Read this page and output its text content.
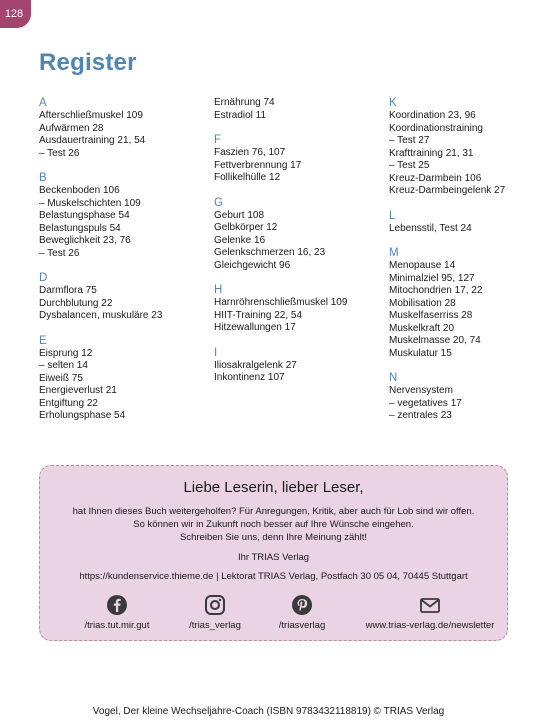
128
Register
A
Afterschließmuskel 109
Aufwärmen 28
Ausdauertraining 21, 54
– Test 26
B
Beckenboden 106
– Muskelschichten 109
Belastungsphase 54
Belastungspuls 54
Beweglichkeit 23, 76
– Test 26
D
Darmflora 75
Durchblutung 22
Dysbalancen, muskuläre 23
E
Eisprung 12
– selten 14
Eiweiß 75
Energieverlust 21
Entgiftung 22
Erholungsphase 54
Ernährung 74
Estradiol 11
F
Faszien 76, 107
Fettverbrennung 17
Follikelhülle 12
G
Geburt 108
Gelbkörper 12
Gelenke 16
Gelenkschmerzen 16, 23
Gleichgewicht 96
H
Harnröhrenschließmuskel 109
HIIT-Training 22, 54
Hitzewallungen 17
I
Iliosakralgelenk 27
Inkontinenz 107
K
Koordination 23, 96
Koordinationstraining
– Test 27
Krafttraining 21, 31
– Test 25
Kreuz-Darmbein 106
Kreuz-Darmbeingelenk 27
L
Lebensstil, Test 24
M
Menopause 14
Minimalziel 95, 127
Mitochondrien 17, 22
Mobilisation 28
Muskelfaserriss 28
Muskelkraft 20
Muskelmasse 20, 74
Muskulatur 15
N
Nervensystem
– vegetatives 17
– zentrales 23
Liebe Leserin, lieber Leser,
hat Ihnen dieses Buch weitergeholfen? Für Anregungen, Kritik, aber auch für Lob sind wir offen.
So können wir in Zukunft noch besser auf Ihre Wünsche eingehen.
Schreiben Sie uns, denn Ihre Meinung zählt!
Ihr TRIAS Verlag
https://kundenservice.thieme.de | Lektorat TRIAS Verlag, Postfach 30 05 04, 70445 Stuttgart
/trias.tut.mir.gut	/trias_verlag	/triasverlag	www.trias-verlag.de/newsletter
Vogel, Der kleine Wechseljahre-Coach (ISBN 9783432118819) © TRIAS Verlag
